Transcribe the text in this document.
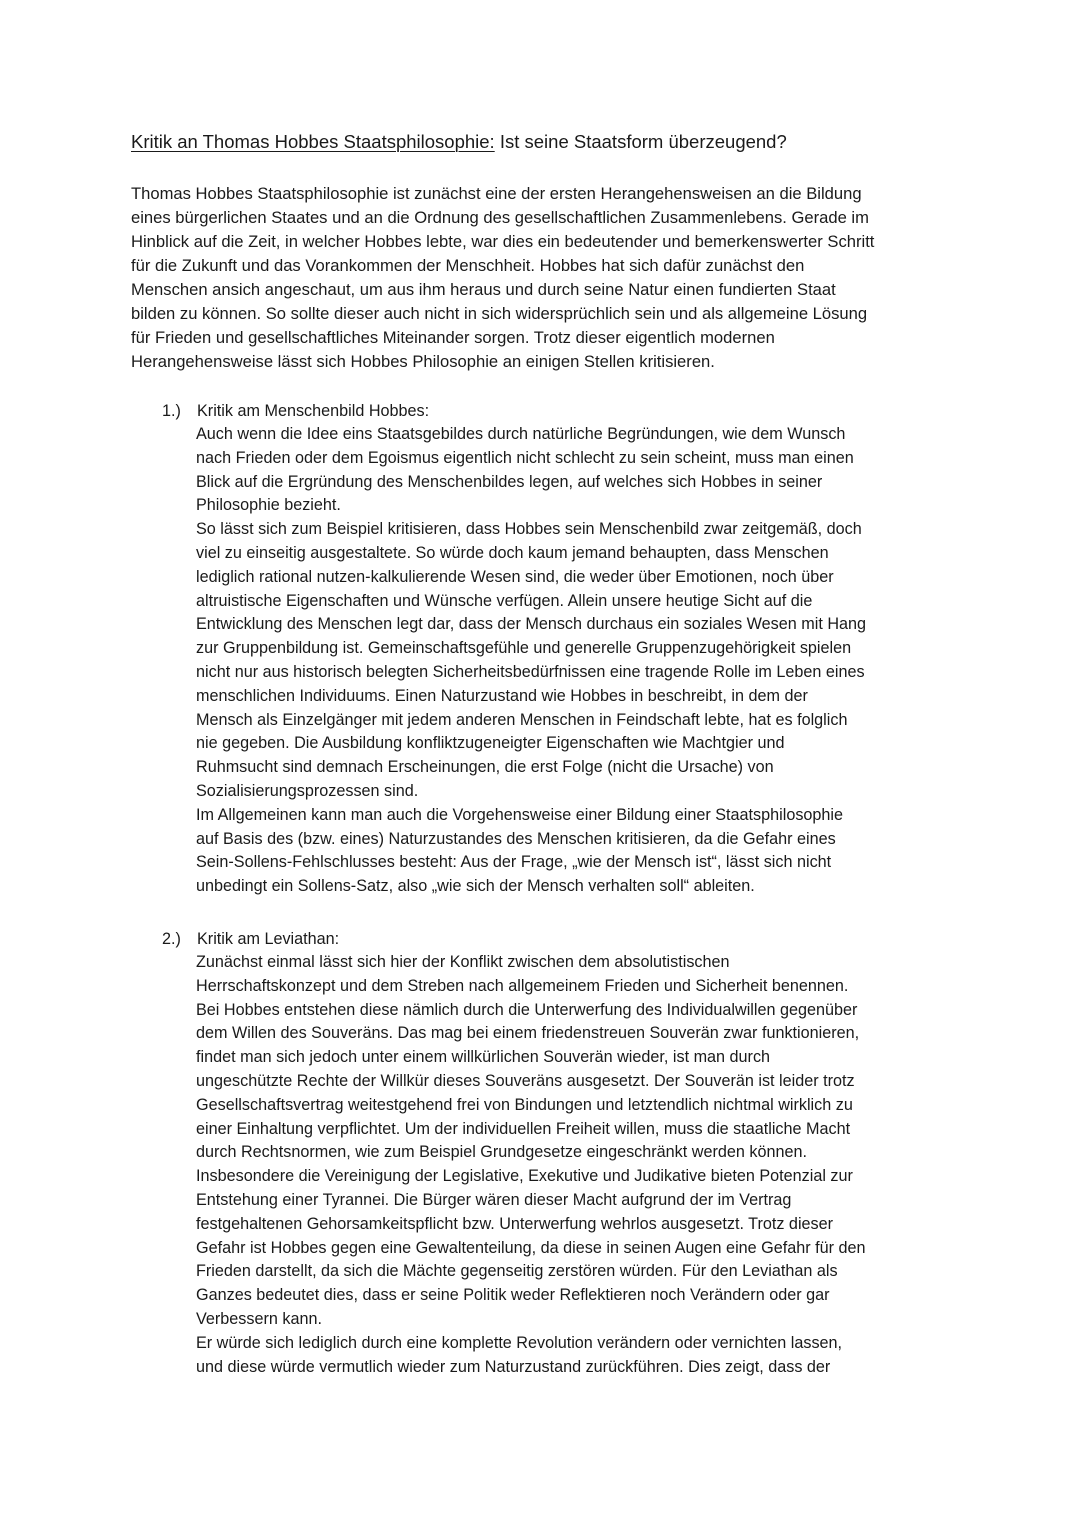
Kritik an Thomas Hobbes Staatsphilosophie: Ist seine Staatsform überzeugend?

Thomas Hobbes Staatsphilosophie ist zunächst eine der ersten Herangehensweisen an die Bildung
eines bürgerlichen Staates und an die Ordnung des gesellschaftlichen Zusammenlebens. Gerade im
Hinblick auf die Zeit, in welcher Hobbes lebte, war dies ein bedeutender und bemerkenswerter Schritt
für die Zukunft und das Vorankommen der Menschheit. Hobbes hat sich dafür zunächst den
Menschen ansich angeschaut, um aus ihm heraus und durch seine Natur einen fundierten Staat
bilden zu können. So sollte dieser auch nicht in sich widersprüchlich sein und als allgemeine Lösung
für Frieden und gesellschaftliches Miteinander sorgen. Trotz dieser eigentlich modernen
Herangehensweise lässt sich Hobbes Philosophie an einigen Stellen kritisieren.

1.) Kritik am Menschenbild Hobbes:

Auch wenn die Idee eins Staatsgebildes durch natürliche Begründungen, wie dem Wunsch
nach Frieden oder dem Egoismus eigentlich nicht schlecht zu sein scheint, muss man einen
Blick auf die Ergründung des Menschenbildes legen, auf welches sich Hobbes in seiner
Philosophie bezieht.
So lässt sich zum Beispiel kritisieren, dass Hobbes sein Menschenbild zwar zeitgemäß, doch
viel zu einseitig ausgestaltete. So würde doch kaum jemand behaupten, dass Menschen
lediglich rational nutzen-kalkulierende Wesen sind, die weder über Emotionen, noch über
altruistische Eigenschaften und Wünsche verfügen. Allein unsere heutige Sicht auf die
Entwicklung des Menschen legt dar, dass der Mensch durchaus ein soziales Wesen mit Hang
zur Gruppenbildung ist. Gemeinschaftsgefühle und generelle Gruppenzugehörigkeit spielen
nicht nur aus historisch belegten Sicherheitsbedürfnissen eine tragende Rolle im Leben eines
menschlichen Individuums. Einen Naturzustand wie Hobbes in beschreibt, in dem der
Mensch als Einzelgänger mit jedem anderen Menschen in Feindschaft lebte, hat es folglich
nie gegeben. Die Ausbildung konfliktzugeneigter Eigenschaften wie Machtgier und
Ruhmsucht sind demnach Erscheinungen, die erst Folge (nicht die Ursache) von
Sozialisierungsprozessen sind.
Im Allgemeinen kann man auch die Vorgehensweise einer Bildung einer Staatsphilosophie
auf Basis des (bzw. eines) Naturzustandes des Menschen kritisieren, da die Gefahr eines
Sein-Sollens-Fehlschlusses besteht: Aus der Frage, „wie der Mensch ist“, lässt sich nicht
unbedingt ein Sollens-Satz, also „wie sich der Mensch verhalten soll“ ableiten.

2.) Kritik am Leviathan:

Zunächst einmal lässt sich hier der Konflikt zwischen dem absolutistischen
Herrschaftskonzept und dem Streben nach allgemeinem Frieden und Sicherheit benennen.
Bei Hobbes entstehen diese nämlich durch die Unterwerfung des Individualwillen gegenüber
dem Willen des Souveräns. Das mag bei einem friedenstreuen Souverän zwar funktionieren,
findet man sich jedoch unter einem willkürlichen Souverän wieder, ist man durch
ungeschützte Rechte der Willkür dieses Souveräns ausgesetzt. Der Souverän ist leider trotz
Gesellschaftsvertrag weitestgehend frei von Bindungen und letztendlich nichtmal wirklich zu
einer Einhaltung verpflichtet. Um der individuellen Freiheit willen, muss die staatliche Macht
durch Rechtsnormen, wie zum Beispiel Grundgesetze eingeschränkt werden können.
Insbesondere die Vereinigung der Legislative, Exekutive und Judikative bieten Potenzial zur
Entstehung einer Tyrannei. Die Bürger wären dieser Macht aufgrund der im Vertrag
festgehaltenen Gehorsamkeitspflicht bzw. Unterwerfung wehrlos ausgesetzt. Trotz dieser
Gefahr ist Hobbes gegen eine Gewaltenteilung, da diese in seinen Augen eine Gefahr für den
Frieden darstellt, da sich die Mächte gegenseitig zerstören würden. Für den Leviathan als
Ganzes bedeutet dies, dass er seine Politik weder Reflektieren noch Verändern oder gar
Verbessern kann.
Er würde sich lediglich durch eine komplette Revolution verändern oder vernichten lassen,
und diese würde vermutlich wieder zum Naturzustand zurückführen. Dies zeigt, dass der
